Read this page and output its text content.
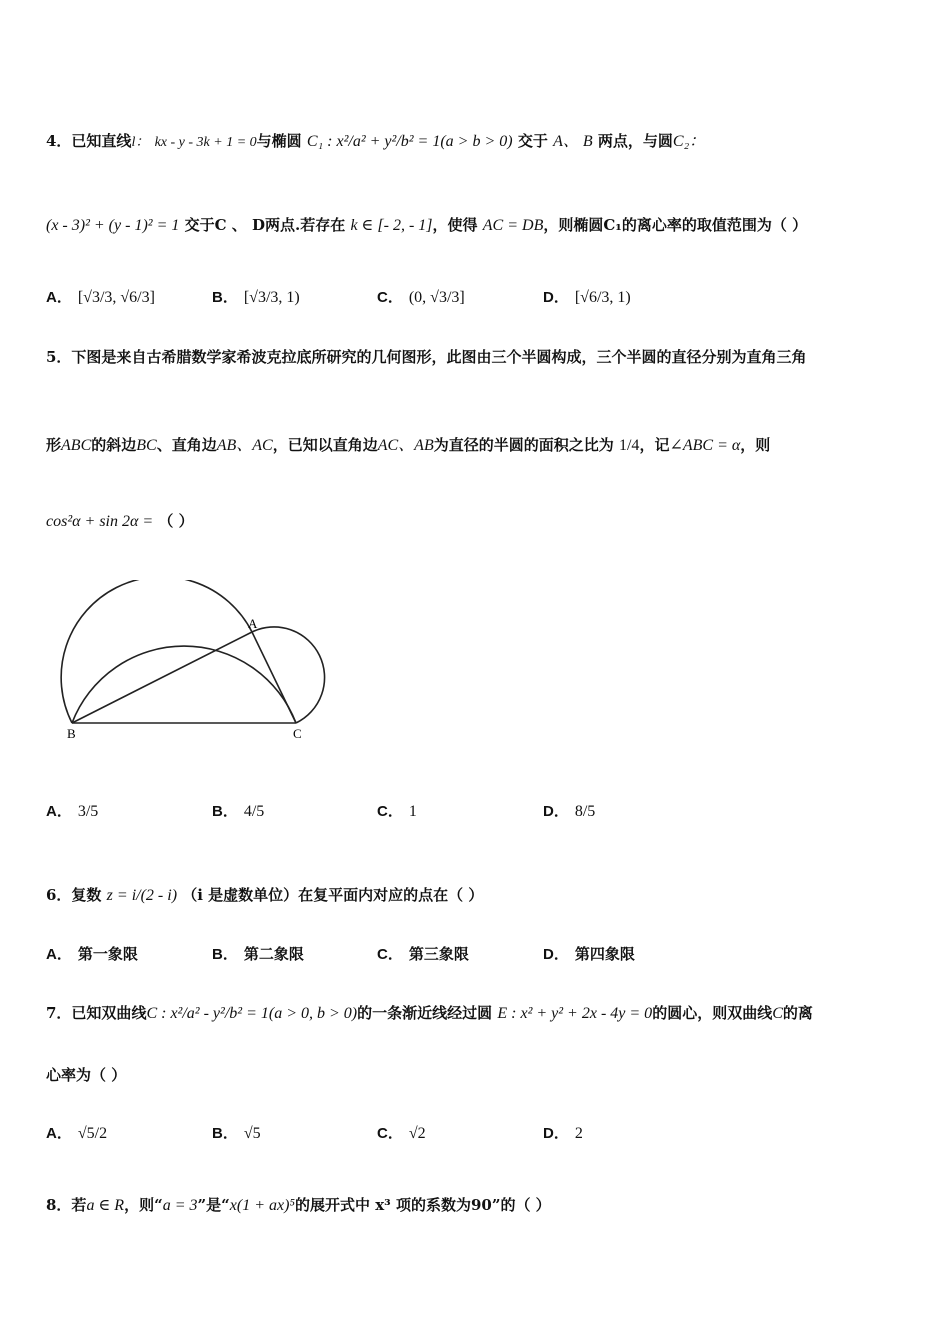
4．已知直线l： kx - y - 3k + 1 = 0与椭圆 C₁ : x²/a² + y²/b² = 1(a > b > 0) 交于 A、 B 两点，与圆C₂：
(x - 3)² + (y - 1)² = 1 交于C 、 D两点.若存在 k ∈ [- 2, - 1]，使得 AC = DB，则椭圆C₁的离心率的取值范围为（ ）
A． [√3/3, √6/3]	B． [√3/3, 1)	C． (0, √3/3]	D． [√6/3, 1)
5．下图是来自古希腊数学家希波克拉底所研究的几何图形，此图由三个半圆构成，三个半圆的直径分别为直角三角
形ABC的斜边BC、直角边AB、AC，已知以直角边AC、AB为直径的半圆的面积之比为 1/4，记∠ABC = α，则
cos²α + sin 2α = （ ）
A
B	C
A． 3/5	B． 4/5	C． 1	D． 8/5
6．复数 z = i/(2 - i) （i 是虚数单位）在复平面内对应的点在（ ）
A． 第一象限	B． 第二象限	C． 第三象限	D． 第四象限
7．已知双曲线C : x²/a² - y²/b² = 1(a > 0, b > 0)的一条渐近线经过圆 E : x² + y² + 2x - 4y = 0的圆心，则双曲线C的离
心率为（ ）
A． √5/2	B． √5	C． √2	D． 2
8．若a ∈ R，则“a = 3”是“x(1 + ax)⁵的展开式中 x³ 项的系数为90”的（ ）
